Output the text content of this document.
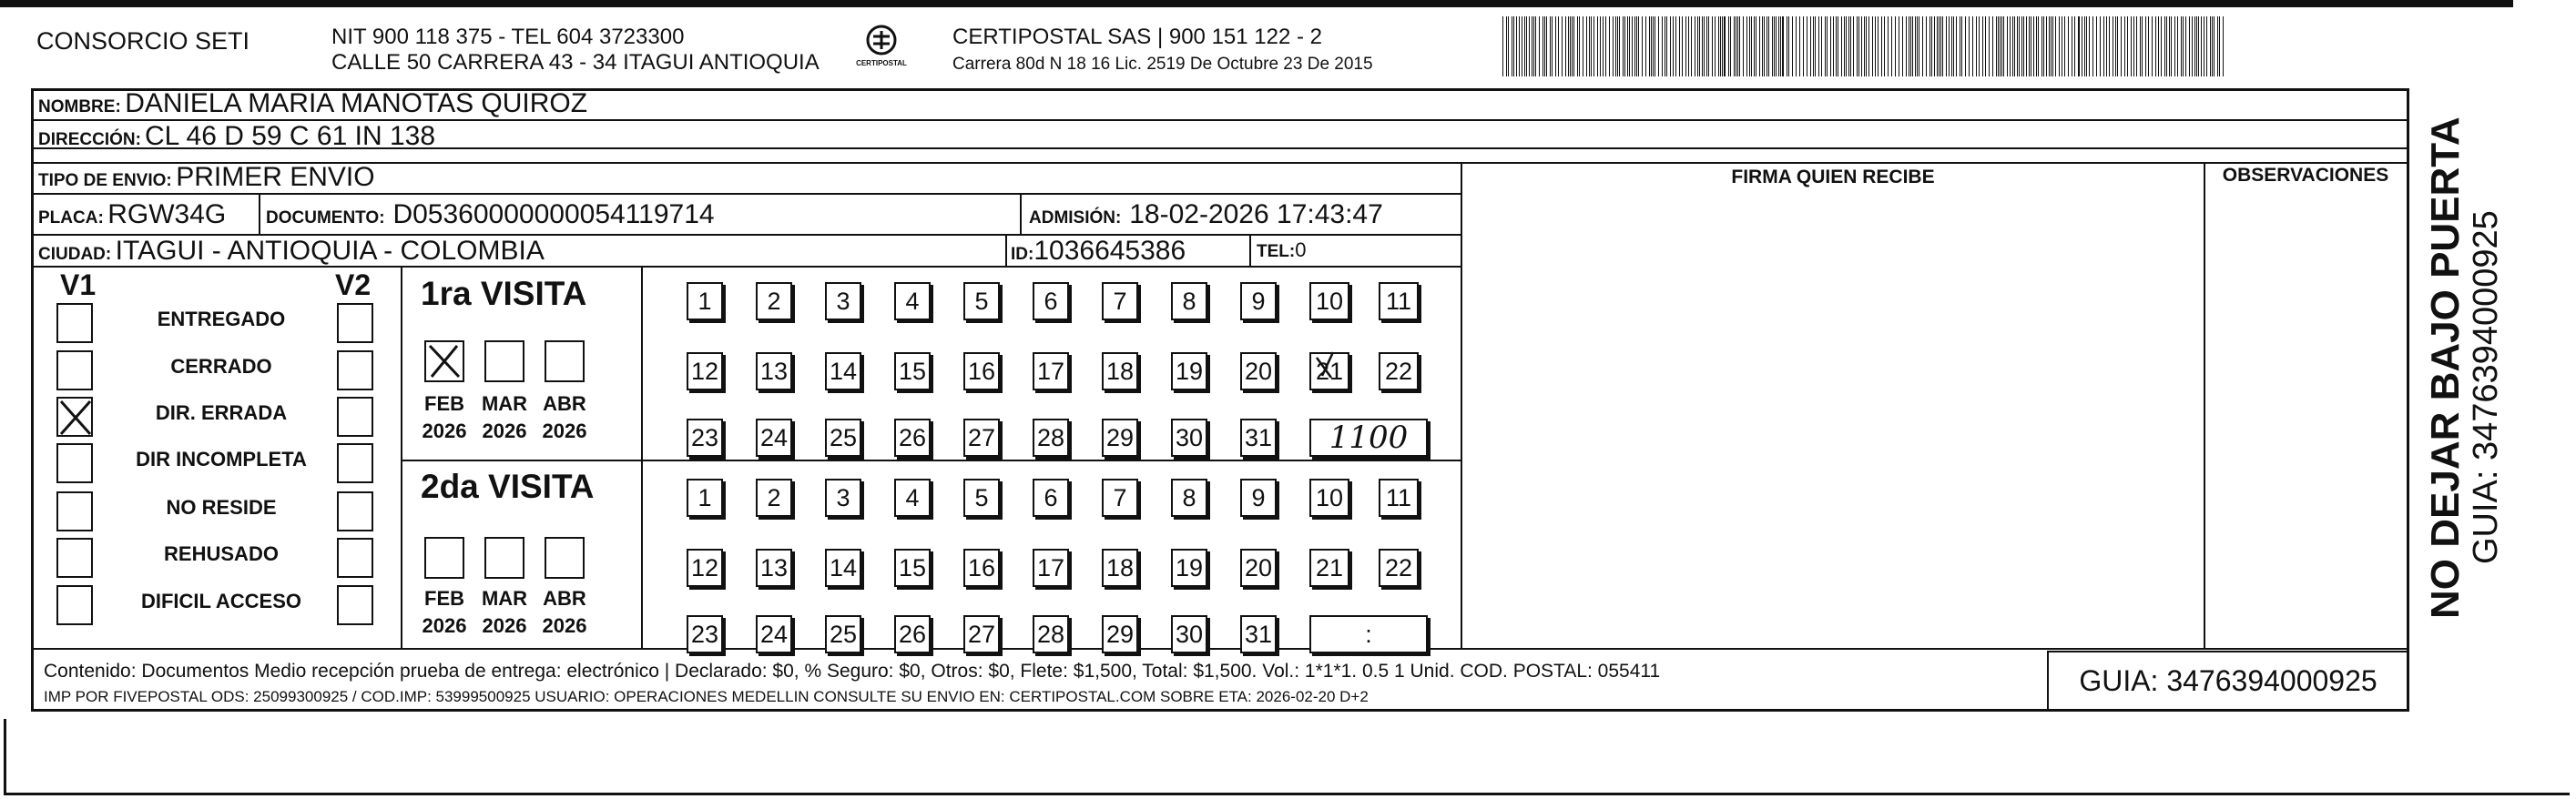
CONSORCIO SETI	NIT 900 118 375 - TEL 604 3723300
CALLE 50 CARRERA 43 - 34 ITAGUI ANTIOQUIA	CERTIPOSTAL
CERTIPOSTAL SAS | 900 151 122 - 2
Carrera 80d N 18 16 Lic. 2519 De Octubre 23 De 2015
NOMBRE: DANIELA MARIA MANOTAS QUIROZ
DIRECCIÓN: CL 46 D 59 C 61 IN 138
TIPO DE ENVIO: PRIMER ENVIO	FIRMA QUIEN RECIBE	OBSERVACIONES
PLACA: RGW34G DOCUMENTO: D05360000000054119714	ADMISIÓN: 18-02-2026 17:43:47
CIUDAD: ITAGUI - ANTIOQUIA - COLOMBIA	ID:1036645386	TEL:0
V1	V2
ENTREGADO
CERRADO
DIR. ERRADA
DIR INCOMPLETA
NO RESIDE
REHUSADO
DIFICIL ACCESO
1ra VISITA
2da VISITA
1	2	3	4	5	6	7	8	9	10 11
12 13 14 15 16 17 18 19 20 21 22
23 24 25 26 27 28 29 30 31	1100
1	2	3	4	5	6	7	8	9	10 11
12 13 14 15 16 17 18 19 20 21 22
23 24 25 26 27 28 29 30 31	:
FEB
2026
MAR
2026
ABR
2026
FEB
2026
MAR
2026
ABR
2026
Contenido: Documentos Medio recepción prueba de entrega: electrónico | Declarado: $0, % Seguro: $0, Otros: $0, Flete: $1,500, Total: $1,500. Vol.: 1*1*1. 0.5 1 Unid. COD. POSTAL: 055411
IMP POR FIVEPOSTAL ODS: 25099300925 / COD.IMP: 53999500925 USUARIO: OPERACIONES MEDELLIN CONSULTE SU ENVIO EN: CERTIPOSTAL.COM SOBRE ETA: 2026-02-20 D+2	GUIA: 3476394000925
NO DEJAR BAJO PUERTA GUIA: 3476394000925
